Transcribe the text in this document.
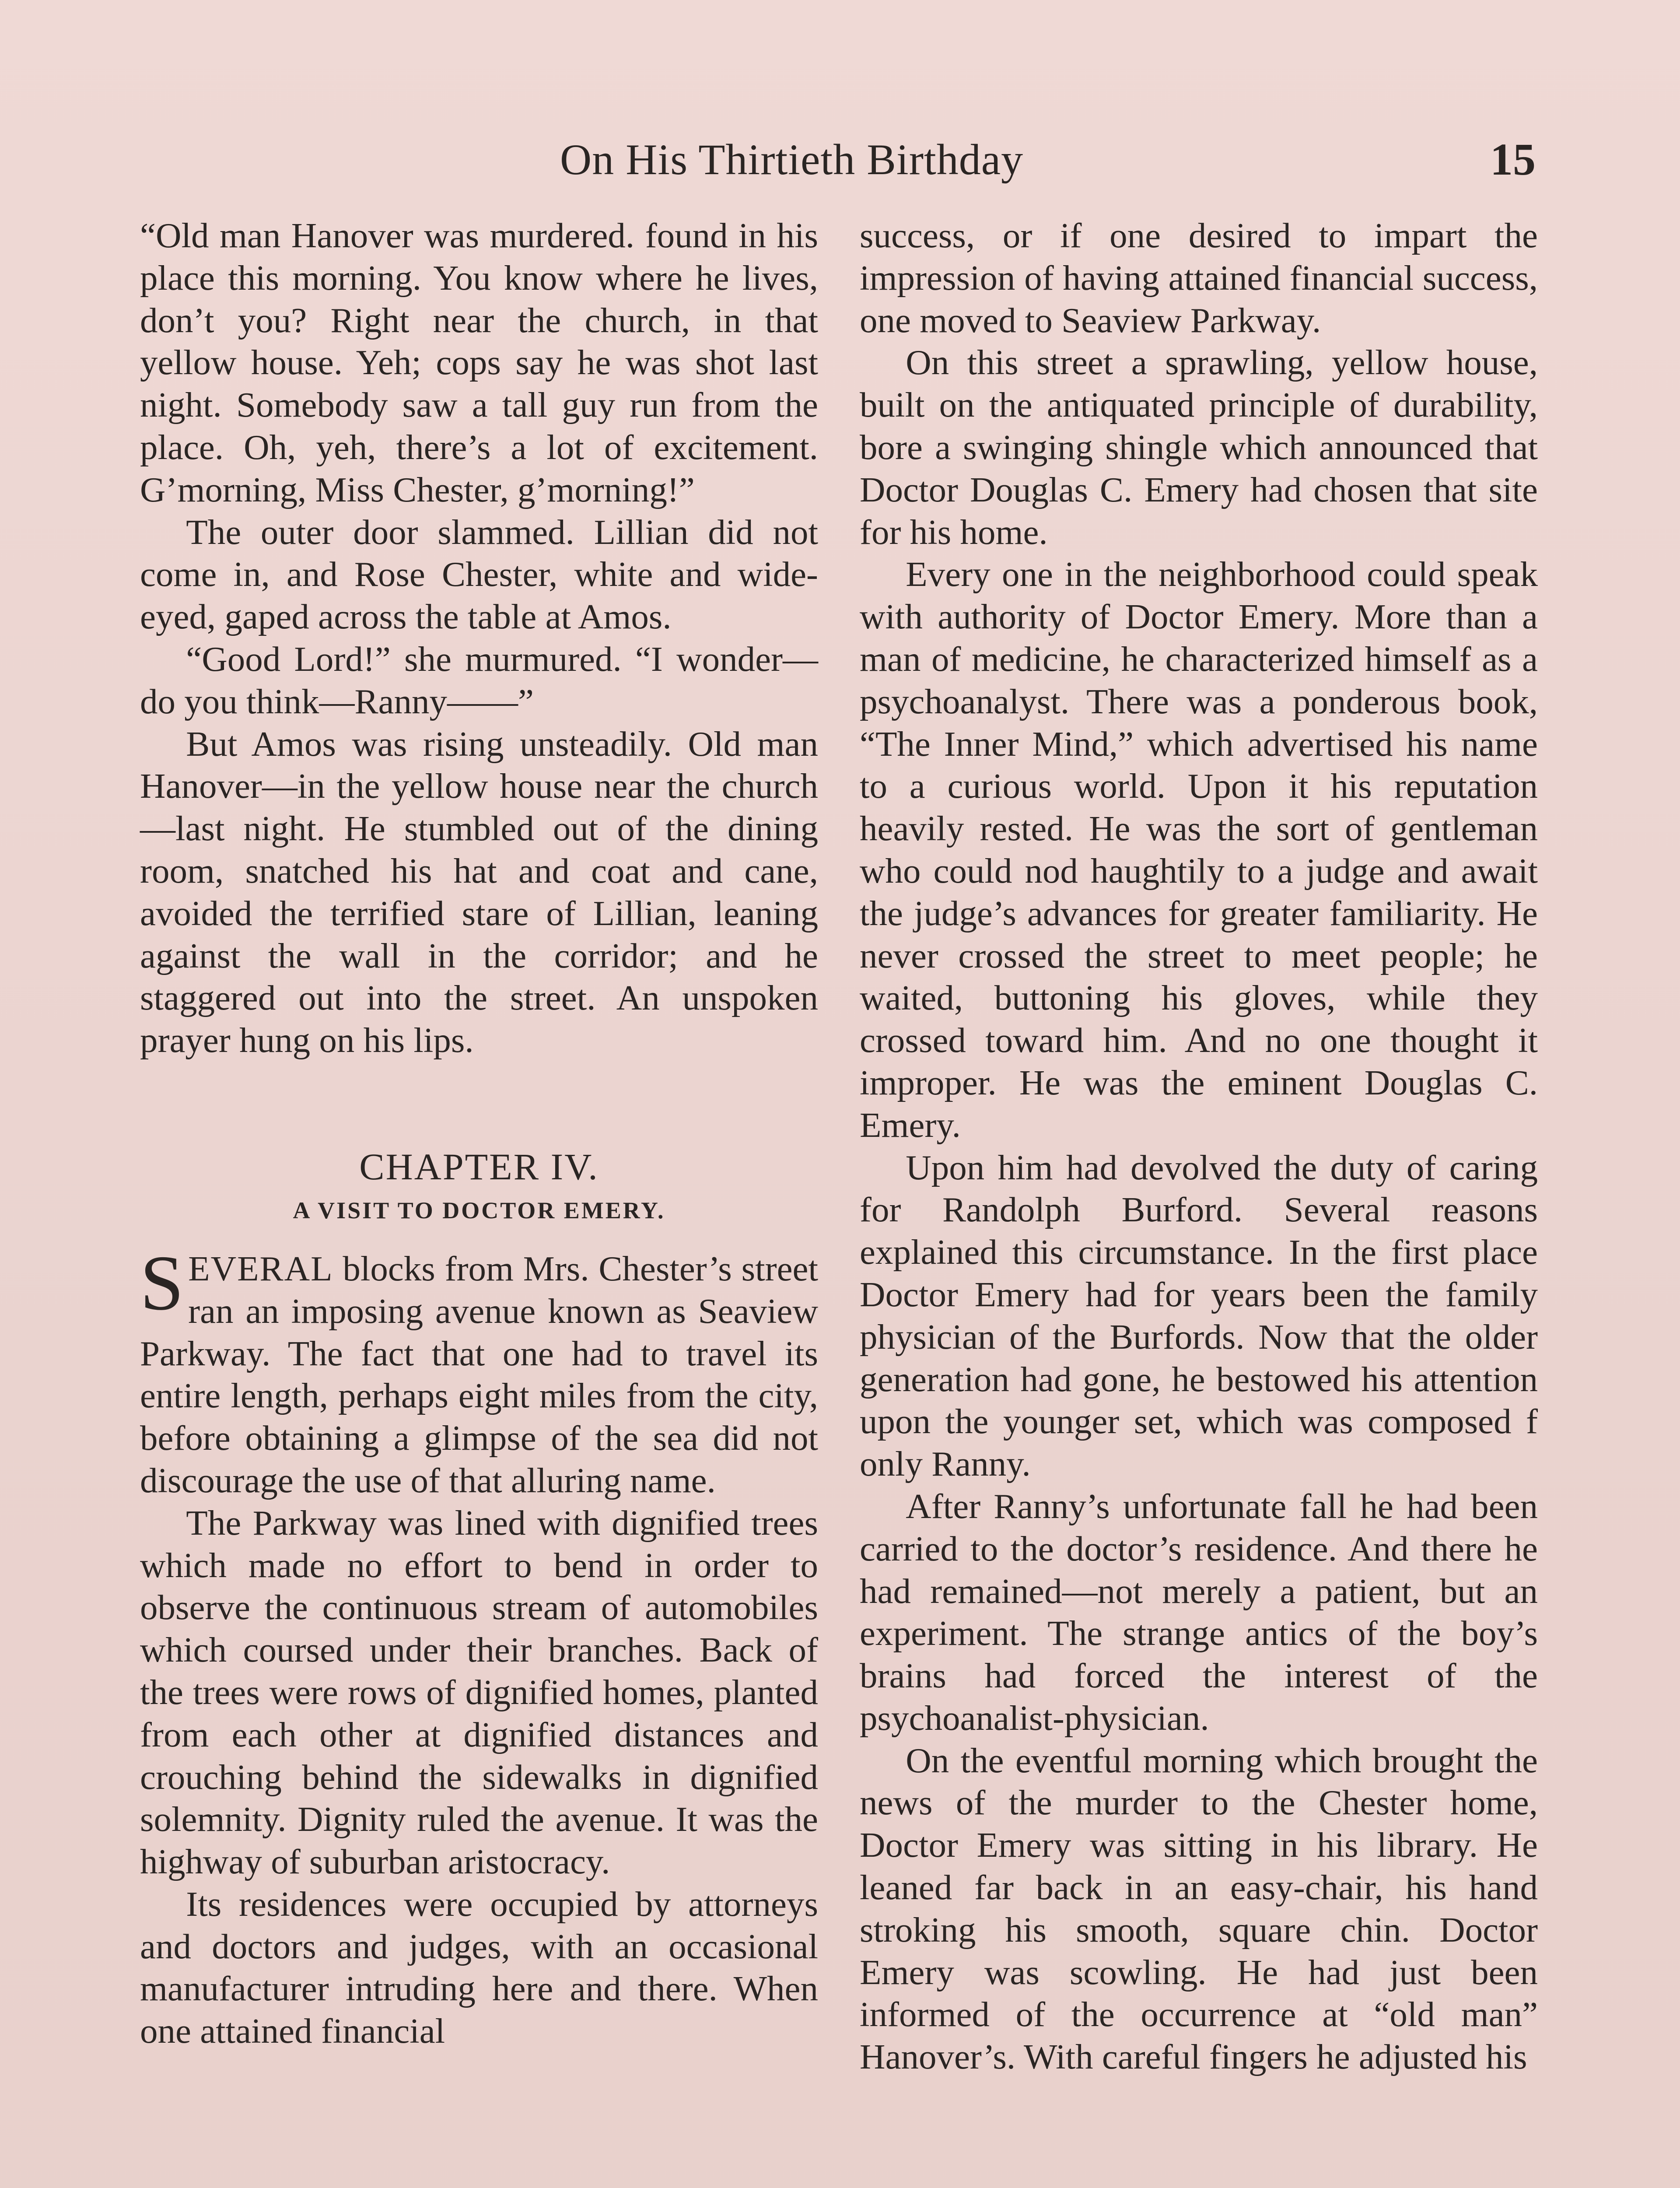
On His Thirtieth Birthday	15

“Old man Hanover was murdered. found in his place this morning. You know where he lives, don’t you? Right near the church, in that yellow house. Yeh; cops say he was shot last night. Somebody saw a tall guy run from the place. Oh, yeh, there’s a lot of excitement. G’morning, Miss Chester, g’morning!”

The outer door slammed. Lillian did not come in, and Rose Chester, white and wide-eyed, gaped across the table at Amos.

“Good Lord!” she murmured. “I wonder—do you think—Ranny——”

But Amos was rising unsteadily. Old man Hanover—in the yellow house near the church—last night. He stumbled out of the dining room, snatched his hat and coat and cane, avoided the terrified stare of Lillian, leaning against the wall in the corridor; and he staggered out into the street. An unspoken prayer hung on his lips.

CHAPTER IV.
A VISIT TO DOCTOR EMERY.

SEVERAL blocks from Mrs. Chester’s street ran an imposing avenue known as Seaview Parkway. The fact that one had to travel its entire length, perhaps eight miles from the city, before obtaining a glimpse of the sea did not discourage the use of that alluring name.

The Parkway was lined with dignified trees which made no effort to bend in order to observe the continuous stream of automobiles which coursed under their branches. Back of the trees were rows of dignified homes, planted from each other at dignified distances and crouching behind the sidewalks in dignified solemnity. Dignity ruled the avenue. It was the highway of suburban aristocracy.

Its residences were occupied by attorneys and doctors and judges, with an occasional manufacturer intruding here and there. When one attained financial

success, or if one desired to impart the impression of having attained financial success, one moved to Seaview Parkway.

On this street a sprawling, yellow house, built on the antiquated principle of durability, bore a swinging shingle which announced that Doctor Douglas C. Emery had chosen that site for his home.

Every one in the neighborhood could speak with authority of Doctor Emery. More than a man of medicine, he characterized himself as a psychoanalyst. There was a ponderous book, “The Inner Mind,” which advertised his name to a curious world. Upon it his reputation heavily rested. He was the sort of gentleman who could nod haughtily to a judge and await the judge’s advances for greater familiarity. He never crossed the street to meet people; he waited, buttoning his gloves, while they crossed toward him. And no one thought it improper. He was the eminent Douglas C. Emery.

Upon him had devolved the duty of caring for Randolph Burford. Several reasons explained this circumstance. In the first place Doctor Emery had for years been the family physician of the Burfords. Now that the older generation had gone, he bestowed his attention upon the younger set, which was composed f only Ranny.

After Ranny’s unfortunate fall he had been carried to the doctor’s residence. And there he had remained—not merely a patient, but an experiment. The strange antics of the boy’s brains had forced the interest of the psychoanalist-physician.

On the eventful morning which brought the news of the murder to the Chester home, Doctor Emery was sitting in his library. He leaned far back in an easy-chair, his hand stroking his smooth, square chin. Doctor Emery was scowling. He had just been informed of the occurrence at “old man” Hanover’s. With careful fingers he adjusted his
